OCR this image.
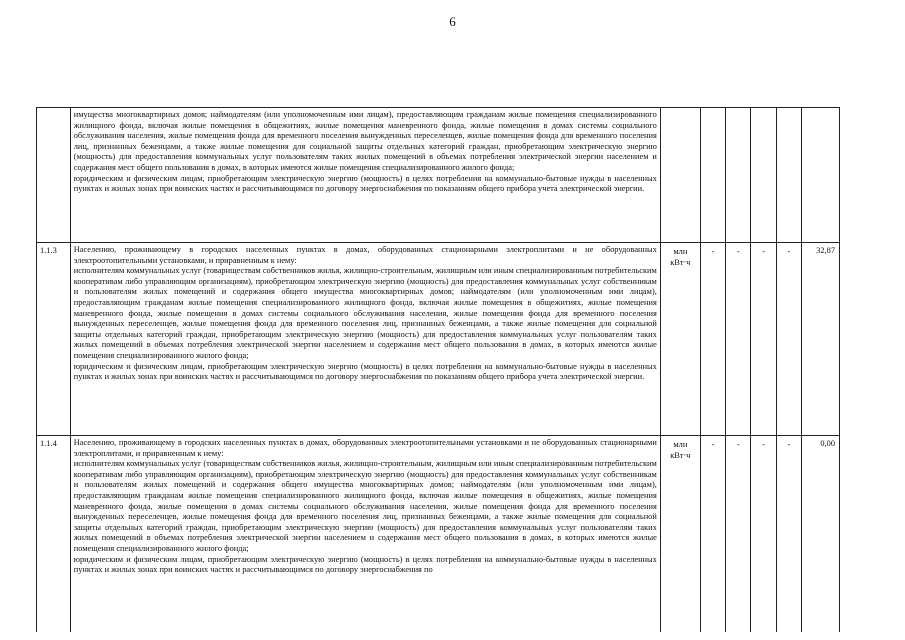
6

	имущества многоквартирных домов; наймодателям (или уполномоченным ими лицам), предоставляющим гражданам жилые помещения специализированного жилищного фонда, включая жилые помещения в общежитиях, жилые помещения маневренного фонда, жилые помещения в домах системы социального обслуживания населения, жилые помещения фонда для временного поселения вынужденных переселенцев, жилые помещения фонда для временного поселения лиц, признанных беженцами, а также жилые помещения для социальной защиты отдельных категорий граждан, приобретающим электрическую энергию (мощность) для предоставления коммунальных услуг пользователям таких жилых помещений в объемах потребления электрической энергии населением и содержания мест общего пользования в домах, в которых имеются жилые помещения специализированного жилого фонда;

юридическим и физическим лицам, приобретающим электрическую энергию (мощность) в целях потребления на коммунально-бытовые нужды в населенных пунктах и жилых зонах при воинских частях и рассчитывающимся по договору энергоснабжения по показаниям общего прибора учета электрической энергии.						

1.1.3	Населению, проживающему в городских населенных пунктах в домах, оборудованных стационарными электроплитами и не оборудованных электроотопительными установками, и приравненным к нему:

исполнителям коммунальных услуг (товариществам собственников жилья, жилищно-строительным, жилищным или иным специализированным потребительским кооперативам либо управляющим организациям), приобретающим электрическую энергию (мощность) для предоставления коммунальных услуг собственникам и пользователям жилых помещений и содержания общего имущества многоквартирных домов; наймодателям (или уполномоченным ими лицам), предоставляющим гражданам жилые помещения специализированного жилищного фонда, включая жилые помещения в общежитиях, жилые помещения маневренного фонда, жилые помещения в домах системы социального обслуживания населения, жилые помещения фонда для временного поселения вынужденных переселенцев, жилые помещения фонда для временного поселения лиц, признанных беженцами, а также жилые помещения для социальной защиты отдельных категорий граждан, приобретающим электрическую энергию (мощность) для предоставления коммунальных услуг пользователям таких жилых помещений в объемах потребления электрической энергии населением и содержания мест общего пользования в домах, в которых имеются жилые помещения специализированного жилого фонда;

юридическим и физическим лицам, приобретающим электрическую энергию (мощность) в целях потребления на коммунально-бытовые нужды в населенных пунктах и жилых зонах при воинских частях и рассчитывающимся по договору энергоснабжения по показаниям общего прибора учета электрической энергии.	млн кВт·ч	-	-	-	-	32,87
1.1.4	Населению, проживающему в городских населенных пунктах в домах, оборудованных электроотопительными установками и не оборудованных стационарными электроплитами, и приравненным к нему:

исполнителям коммунальных услуг (товариществам собственников жилья, жилищно-строительным, жилищным или иным специализированным потребительским кооперативам либо управляющим организациям), приобретающим электрическую энергию (мощность) для предоставления коммунальных услуг собственникам и пользователям жилых помещений и содержания общего имущества многоквартирных домов; наймодателям (или уполномоченным ими лицам), предоставляющим гражданам жилые помещения специализированного жилищного фонда, включая жилые помещения в общежитиях, жилые помещения маневренного фонда, жилые помещения в домах системы социального обслуживания населения, жилые помещения фонда для временного поселения вынужденных переселенцев, жилые помещения фонда для временного поселения лиц, признанных беженцами, а также жилые помещения для социальной защиты отдельных категорий граждан, приобретающим электрическую энергию (мощность) для предоставления коммунальных услуг пользователям таких жилых помещений в объемах потребления электрической энергии населением и содержания мест общего пользования в домах, в которых имеются жилые помещения специализированного жилого фонда;

юридическим и физическим лицам, приобретающим электрическую энергию (мощность) в целях потребления на коммунально-бытовые нужды в населенных пунктах и жилых зонах при воинских частях и рассчитывающимся по договору энергоснабжения по	млн кВт·ч	-	-	-	-	0,00
